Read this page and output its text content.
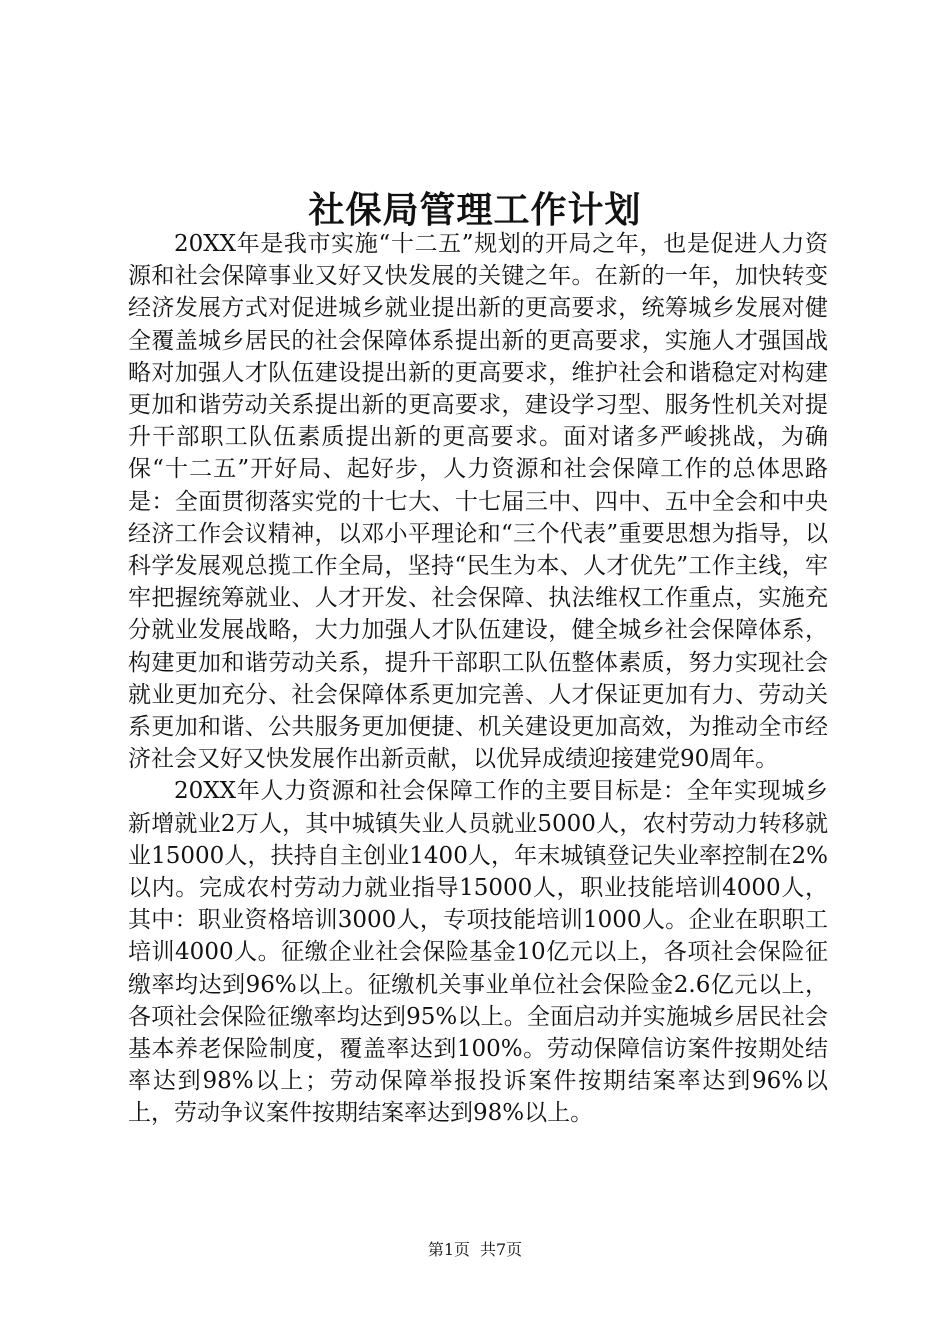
社保局管理工作计划

20XX年是我市实施“十二五”规划的开局之年，也是促进人力资源和社会保障事业又好又快发展的关键之年。在新的一年，加快转变经济发展方式对促进城乡就业提出新的更高要求，统筹城乡发展对健全覆盖城乡居民的社会保障体系提出新的更高要求，实施人才强国战略对加强人才队伍建设提出新的更高要求，维护社会和谐稳定对构建更加和谐劳动关系提出新的更高要求，建设学习型、服务性机关对提升干部职工队伍素质提出新的更高要求。面对诸多严峻挑战，为确保“十二五”开好局、起好步，人力资源和社会保障工作的总体思路是：全面贯彻落实党的十七大、十七届三中、四中、五中全会和中央经济工作会议精神，以邓小平理论和“三个代表”重要思想为指导，以科学发展观总揽工作全局，坚持“民生为本、人才优先”工作主线，牢牢把握统筹就业、人才开发、社会保障、执法维权工作重点，实施充分就业发展战略，大力加强人才队伍建设，健全城乡社会保障体系，构建更加和谐劳动关系，提升干部职工队伍整体素质，努力实现社会就业更加充分、社会保障体系更加完善、人才保证更加有力、劳动关系更加和谐、公共服务更加便捷、机关建设更加高效，为推动全市经济社会又好又快发展作出新贡献，以优异成绩迎接建党90周年。

20XX年人力资源和社会保障工作的主要目标是：全年实现城乡新增就业2万人，其中城镇失业人员就业5000人，农村劳动力转移就业15000人，扶持自主创业1400人，年末城镇登记失业率控制在2%以内。完成农村劳动力就业指导15000人，职业技能培训4000人，其中：职业资格培训3000人，专项技能培训1000人。企业在职职工培训4000人。征缴企业社会保险基金10亿元以上，各项社会保险征缴率均达到96%以上。征缴机关事业单位社会保险金2.6亿元以上，各项社会保险征缴率均达到95%以上。全面启动并实施城乡居民社会基本养老保险制度，覆盖率达到100%。劳动保障信访案件按期处结率达到98%以上；劳动保障举报投诉案件按期结案率达到96%以上，劳动争议案件按期结案率达到98%以上。

第1页 共7页
